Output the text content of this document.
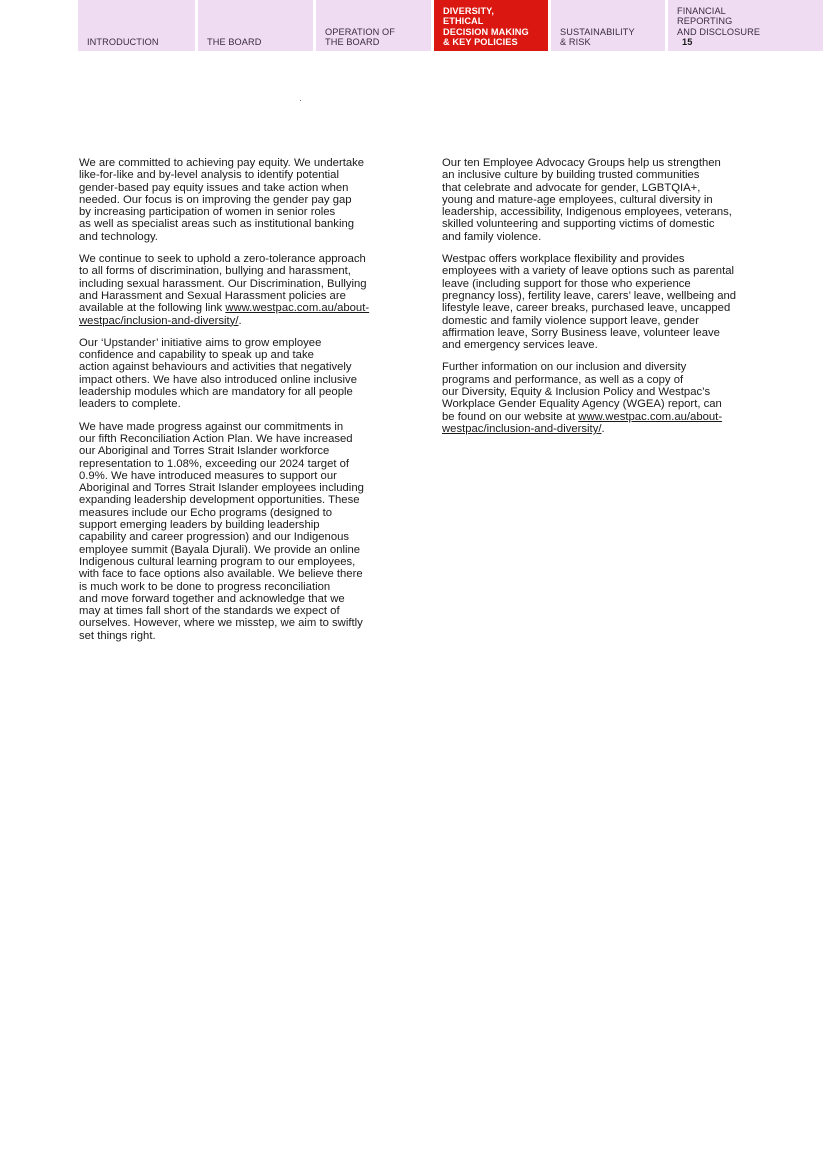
INTRODUCTION	THE BOARD
OPERATION OF
THE BOARD
DIVERSITY,
ETHICAL
DECISION MAKING
& KEY POLICIES
SUSTAINABILITY
& RISK
FINANCIAL
REPORTING
AND DISCLOSURE
15

We are committed to achieving pay equity. We undertake
like-for-like and by-level analysis to identify potential
gender-based pay equity issues and take action when
needed. Our focus is on improving the gender pay gap
by increasing participation of women in senior roles
as well as specialist areas such as institutional banking
and technology.

We continue to seek to uphold a zero-tolerance approach
to all forms of discrimination, bullying and harassment,
including sexual harassment. Our Discrimination, Bullying
and Harassment and Sexual Harassment policies are
available at the following link www.westpac.com.au/about-
westpac/inclusion-and-diversity/.

Our ‘Upstander’ initiative aims to grow employee
confidence and capability to speak up and take
action against behaviours and activities that negatively
impact others. We have also introduced online inclusive
leadership modules which are mandatory for all people
leaders to complete.

We have made progress against our commitments in
our fifth Reconciliation Action Plan. We have increased
our Aboriginal and Torres Strait Islander workforce
representation to 1.08%, exceeding our 2024 target of
0.9%. We have introduced measures to support our
Aboriginal and Torres Strait Islander employees including
expanding leadership development opportunities. These
measures include our Echo programs (designed to
support emerging leaders by building leadership
capability and career progression) and our Indigenous
employee summit (Bayala Djurali). We provide an online
Indigenous cultural learning program to our employees,
with face to face options also available. We believe there
is much work to be done to progress reconciliation
and move forward together and acknowledge that we
may at times fall short of the standards we expect of
ourselves. However, where we misstep, we aim to swiftly
set things right.

Our ten Employee Advocacy Groups help us strengthen
an inclusive culture by building trusted communities
that celebrate and advocate for gender, LGBTQIA+,
young and mature-age employees, cultural diversity in
leadership, accessibility, Indigenous employees, veterans,
skilled volunteering and supporting victims of domestic
and family violence.

Westpac offers workplace flexibility and provides
employees with a variety of leave options such as parental
leave (including support for those who experience
pregnancy loss), fertility leave, carers’ leave, wellbeing and
lifestyle leave, career breaks, purchased leave, uncapped
domestic and family violence support leave, gender
affirmation leave, Sorry Business leave, volunteer leave
and emergency services leave.

Further information on our inclusion and diversity
programs and performance, as well as a copy of
our Diversity, Equity & Inclusion Policy and Westpac’s
Workplace Gender Equality Agency (WGEA) report, can
be found on our website at www.westpac.com.au/about-
westpac/inclusion-and-diversity/.
